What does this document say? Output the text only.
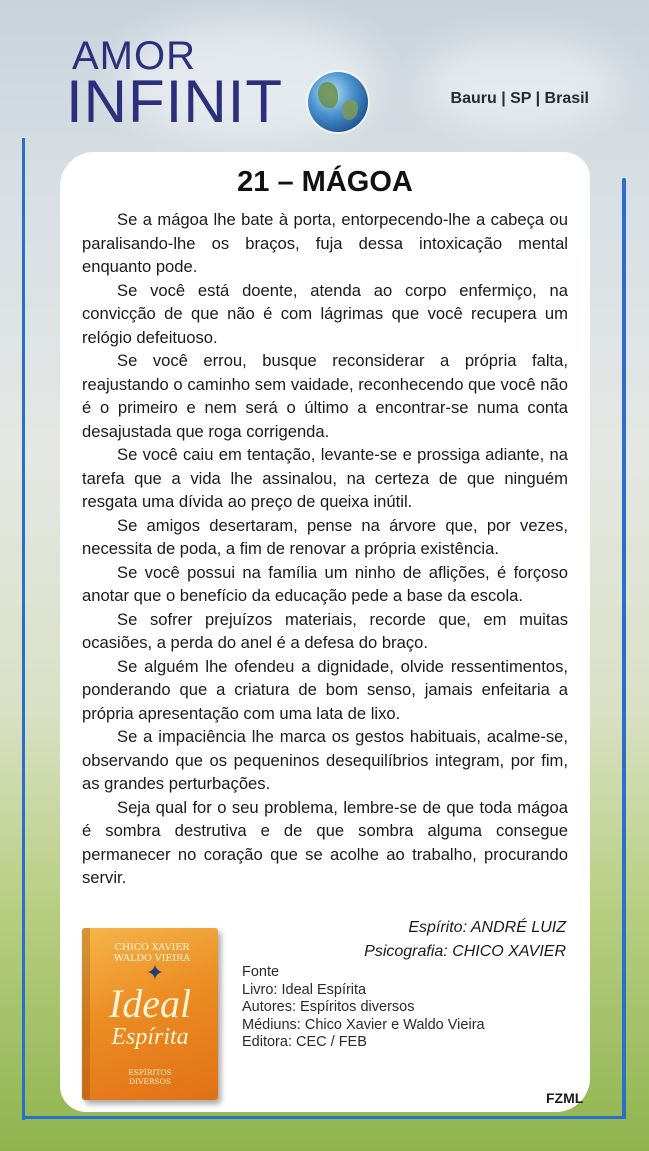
AMOR
INFINIT	Bauru | SP | Brasil
21 – MÁGOA

Se a mágoa lhe bate à porta, entorpecendo-lhe a cabeça ou paralisando-lhe os braços, fuja dessa intoxicação mental enquanto pode.

Se você está doente, atenda ao corpo enfermiço, na convicção de que não é com lágrimas que você recupera um relógio defeituoso.

Se você errou, busque reconsiderar a própria falta, reajustando o caminho sem vaidade, reconhecendo que você não é o primeiro e nem será o último a encontrar-se numa conta desajustada que roga corrigenda.

Se você caiu em tentação, levante-se e prossiga adiante, na tarefa que a vida lhe assinalou, na certeza de que ninguém resgata uma dívida ao preço de queixa inútil.

Se amigos desertaram, pense na árvore que, por vezes, necessita de poda, a fim de renovar a própria existência.

Se você possui na família um ninho de aflições, é forçoso anotar que o benefício da educação pede a base da escola.

Se sofrer prejuízos materiais, recorde que, em muitas ocasiões, a perda do anel é a defesa do braço.

Se alguém lhe ofendeu a dignidade, olvide ressentimentos, ponderando que a criatura de bom senso, jamais enfeitaria a própria apresentação com uma lata de lixo.

Se a impaciência lhe marca os gestos habituais, acalme-se, observando que os pequeninos desequilíbrios integram, por fim, as grandes perturbações.

Seja qual for o seu problema, lembre-se de que toda mágoa é sombra destrutiva e de que sombra alguma consegue permanecer no coração que se acolhe ao trabalho, procurando servir.

Espírito: ANDRÉ LUIZ
Psicografia: CHICO XAVIER
CHICO XAVIER
WALDO VIEIRA
✦
Ideal
Espírita
ESPÍRITOS
DIVERSOS
Fonte
Livro: Ideal Espírita
Autores: Espíritos diversos
Médiuns: Chico Xavier e Waldo Vieira
Editora: CEC / FEB
FZML
